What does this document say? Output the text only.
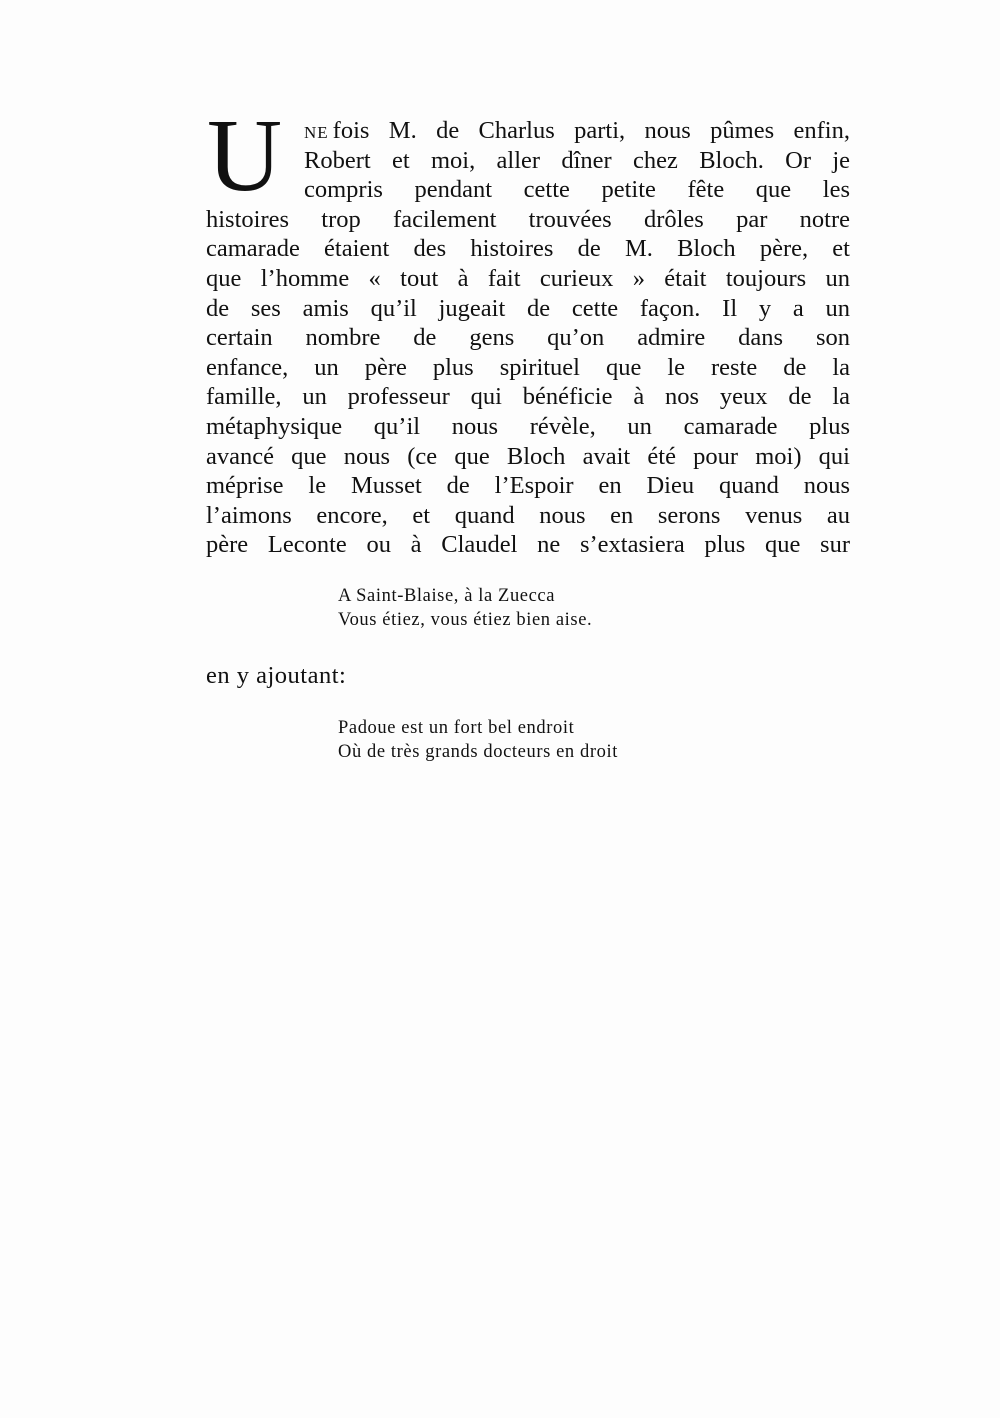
U	NE fois M. de Charlus parti, nous pûmes enfin,
Robert et moi, aller dîner chez Bloch. Or je
compris pendant cette petite fête que les
histoires trop facilement trouvées drôles par notre
camarade étaient des histoires de M. Bloch père, et
que l’homme « tout à fait curieux » était toujours un
de ses amis qu’il jugeait de cette façon. Il y a un
certain nombre de gens qu’on admire dans son
enfance, un père plus spirituel que le reste de la
famille, un professeur qui bénéficie à nos yeux de la
métaphysique qu’il nous révèle, un camarade plus
avancé que nous (ce que Bloch avait été pour moi) qui
méprise le Musset de l’Espoir en Dieu quand nous
l’aimons encore, et quand nous en serons venus au
père Leconte ou à Claudel ne s’extasiera plus que sur
A Saint-Blaise, à la Zuecca
Vous étiez, vous étiez bien aise.
en y ajoutant:
Padoue est un fort bel endroit
Où de très grands docteurs en droit
